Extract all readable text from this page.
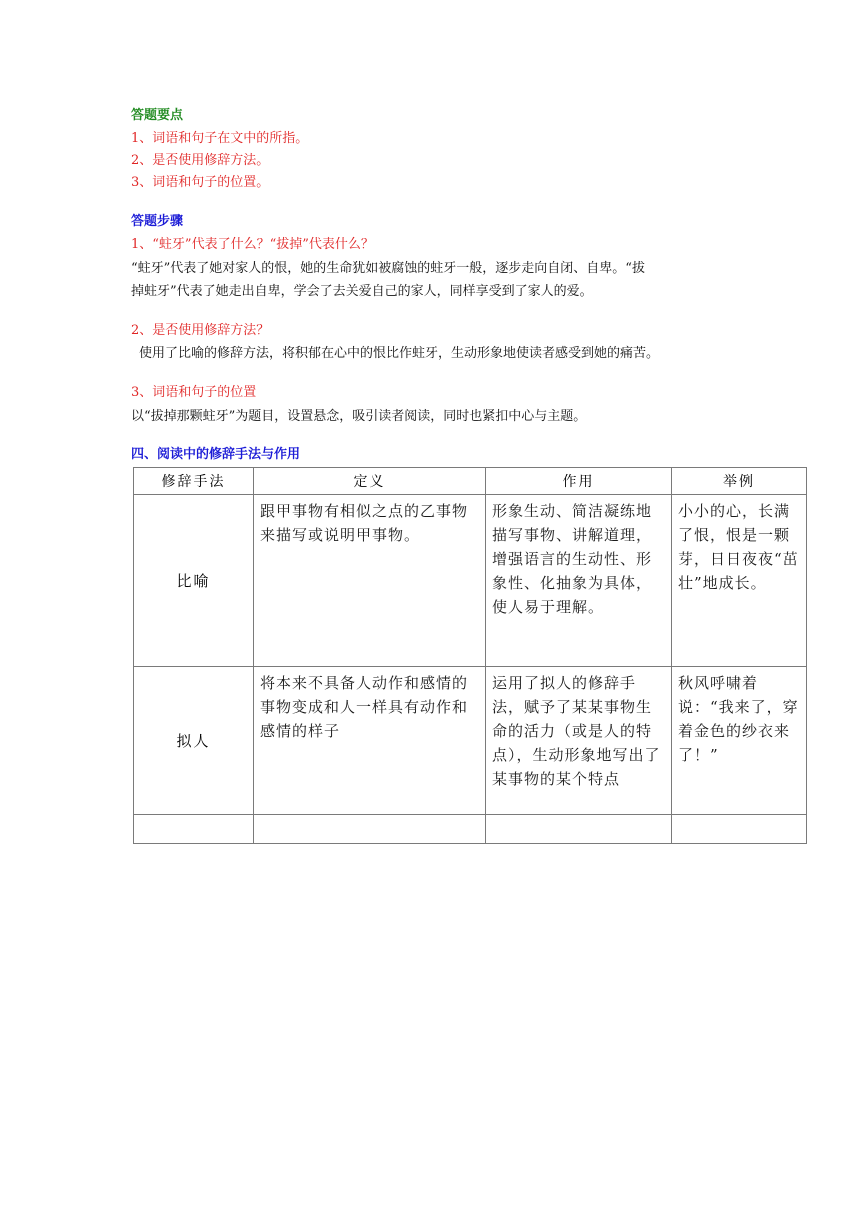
答题要点
1、词语和句子在文中的所指。
2、是否使用修辞方法。
3、词语和句子的位置。
答题步骤
1、“蛀牙”代表了什么？“拔掉”代表什么？
“蛀牙”代表了她对家人的恨，她的生命犹如被腐蚀的蛀牙一般，逐步走向自闭、自卑。“拔
掉蛀牙”代表了她走出自卑，学会了去关爱自己的家人，同样享受到了家人的爱。
2、是否使用修辞方法？
使用了比喻的修辞方法，将积郁在心中的恨比作蛀牙，生动形象地使读者感受到她的痛苦。
3、词语和句子的位置
以“拔掉那颗蛀牙”为题目，设置悬念，吸引读者阅读，同时也紧扣中心与主题。
四、阅读中的修辞手法与作用
修辞手法	定义	作用	举例
比喻	跟甲事物有相似之点的乙事物来描写或说明甲事物。	形象生动、简洁凝练地描写事物、讲解道理，增强语言的生动性、形象性、化抽象为具体，使人易于理解。	小小的心，长满了恨，恨是一颗芽，日日夜夜“茁壮”地成长。

拟人	将本来不具备人动作和感情的事物变成和人一样具有动作和感情的样子	运用了拟人的修辞手法，赋予了某某事物生命的活力（或是人的特点），生动形象地写出了某事物的某个特点	秋风呼啸着说：“我来了，穿着金色的纱衣来了！”
